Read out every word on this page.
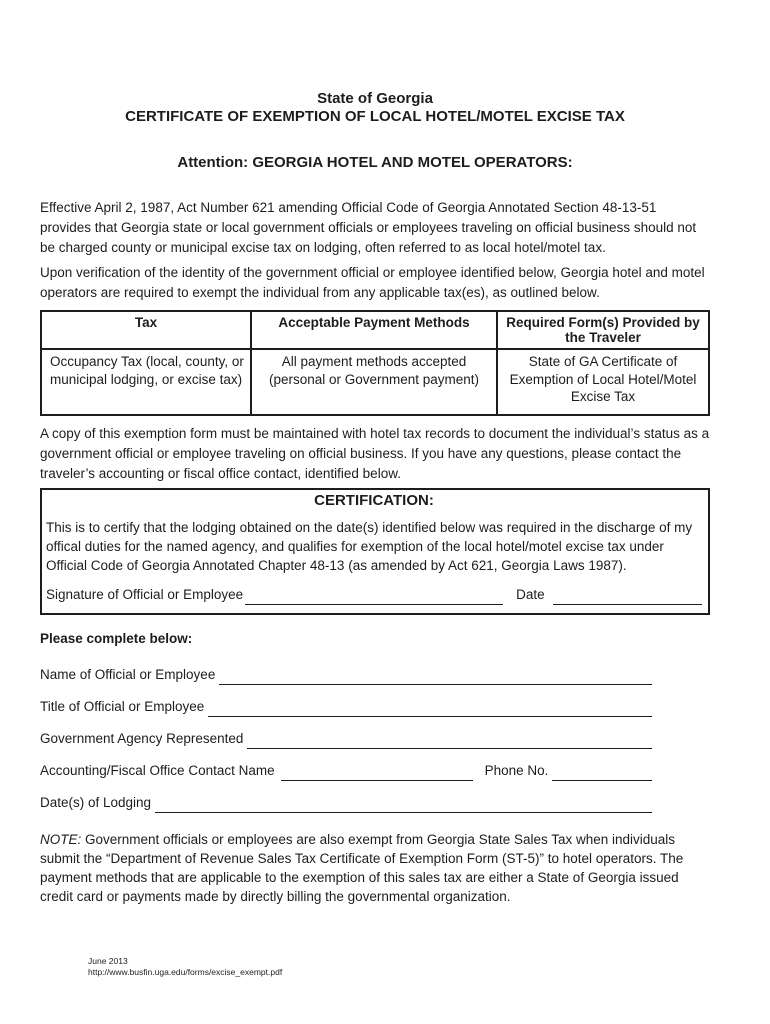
State of Georgia
CERTIFICATE OF EXEMPTION OF LOCAL HOTEL/MOTEL EXCISE TAX
Attention: GEORGIA HOTEL AND MOTEL OPERATORS:

Effective April 2, 1987, Act Number 621 amending Official Code of Georgia Annotated Section 48-13-51 provides that Georgia state or local government officials or employees traveling on official business should not be charged county or municipal excise tax on lodging, often referred to as local hotel/motel tax.

Upon verification of the identity of the government official or employee identified below, Georgia hotel and motel operators are required to exempt the individual from any applicable tax(es), as outlined below.

Tax	Acceptable Payment Methods	Required Form(s) Provided by the Traveler
Occupancy Tax (local, county, or municipal lodging, or excise tax)	All payment methods accepted (personal or Government payment)	State of GA Certificate of Exemption of Local Hotel/Motel Excise Tax

A copy of this exemption form must be maintained with hotel tax records to document the individual’s status as a government official or employee traveling on official business. If you have any questions, please contact the traveler’s accounting or fiscal office contact, identified below.

CERTIFICATION:

This is to certify that the lodging obtained on the date(s) identified below was required in the discharge of my offical duties for the named agency, and qualifies for exemption of the local hotel/motel excise tax under Official Code of Georgia Annotated Chapter 48-13 (as amended by Act 621, Georgia Laws 1987).

Signature of Official or Employee	Date
Please complete below:
Name of Official or Employee
Title of Official or Employee
Government Agency Represented
Accounting/Fiscal Office Contact Name	Phone No.
Date(s) of Lodging

NOTE: Government officials or employees are also exempt from Georgia State Sales Tax when individuals submit the “Department of Revenue Sales Tax Certificate of Exemption Form (ST-5)” to hotel operators. The payment methods that are applicable to the exemption of this sales tax are either a State of Georgia issued credit card or payments made by directly billing the governmental organization.

June 2013
http://www.busfin.uga.edu/forms/excise_exempt.pdf
